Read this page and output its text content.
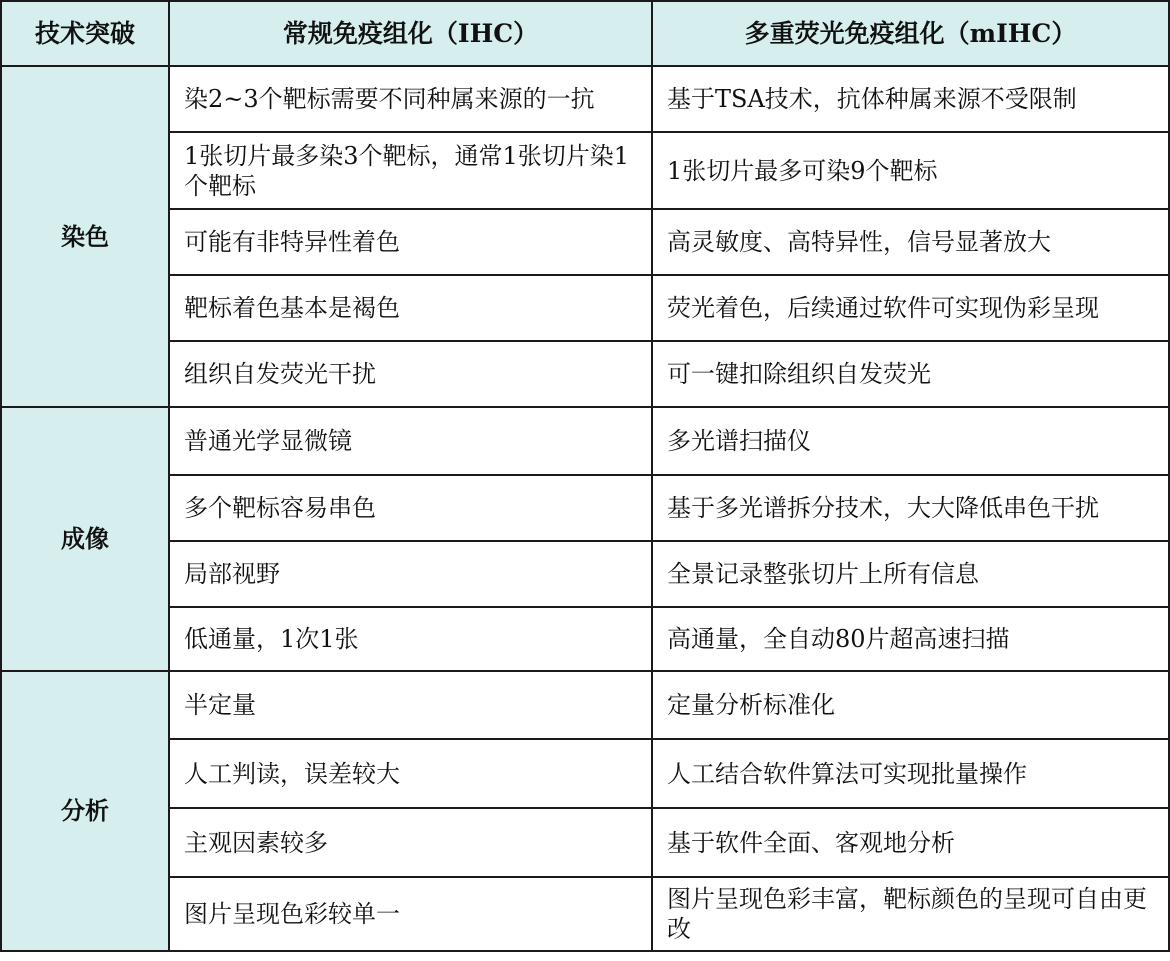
技术突破	常规免疫组化（IHC）	多重荧光免疫组化（mIHC）
染色	染2~3个靶标需要不同种属来源的一抗	基于TSA技术，抗体种属来源不受限制
	1张切片最多染3个靶标，通常1张切片染1个靶标	1张切片最多可染9个靶标
	可能有非特异性着色	高灵敏度、高特异性，信号显著放大
	靶标着色基本是褐色	荧光着色，后续通过软件可实现伪彩呈现
	组织自发荧光干扰	可一键扣除组织自发荧光
成像	普通光学显微镜	多光谱扫描仪
	多个靶标容易串色	基于多光谱拆分技术，大大降低串色干扰
	局部视野	全景记录整张切片上所有信息
	低通量，1次1张	高通量，全自动80片超高速扫描
分析	半定量	定量分析标准化
	人工判读，误差较大	人工结合软件算法可实现批量操作
	主观因素较多	基于软件全面、客观地分析
	图片呈现色彩较单一	图片呈现色彩丰富，靶标颜色的呈现可自由更改
